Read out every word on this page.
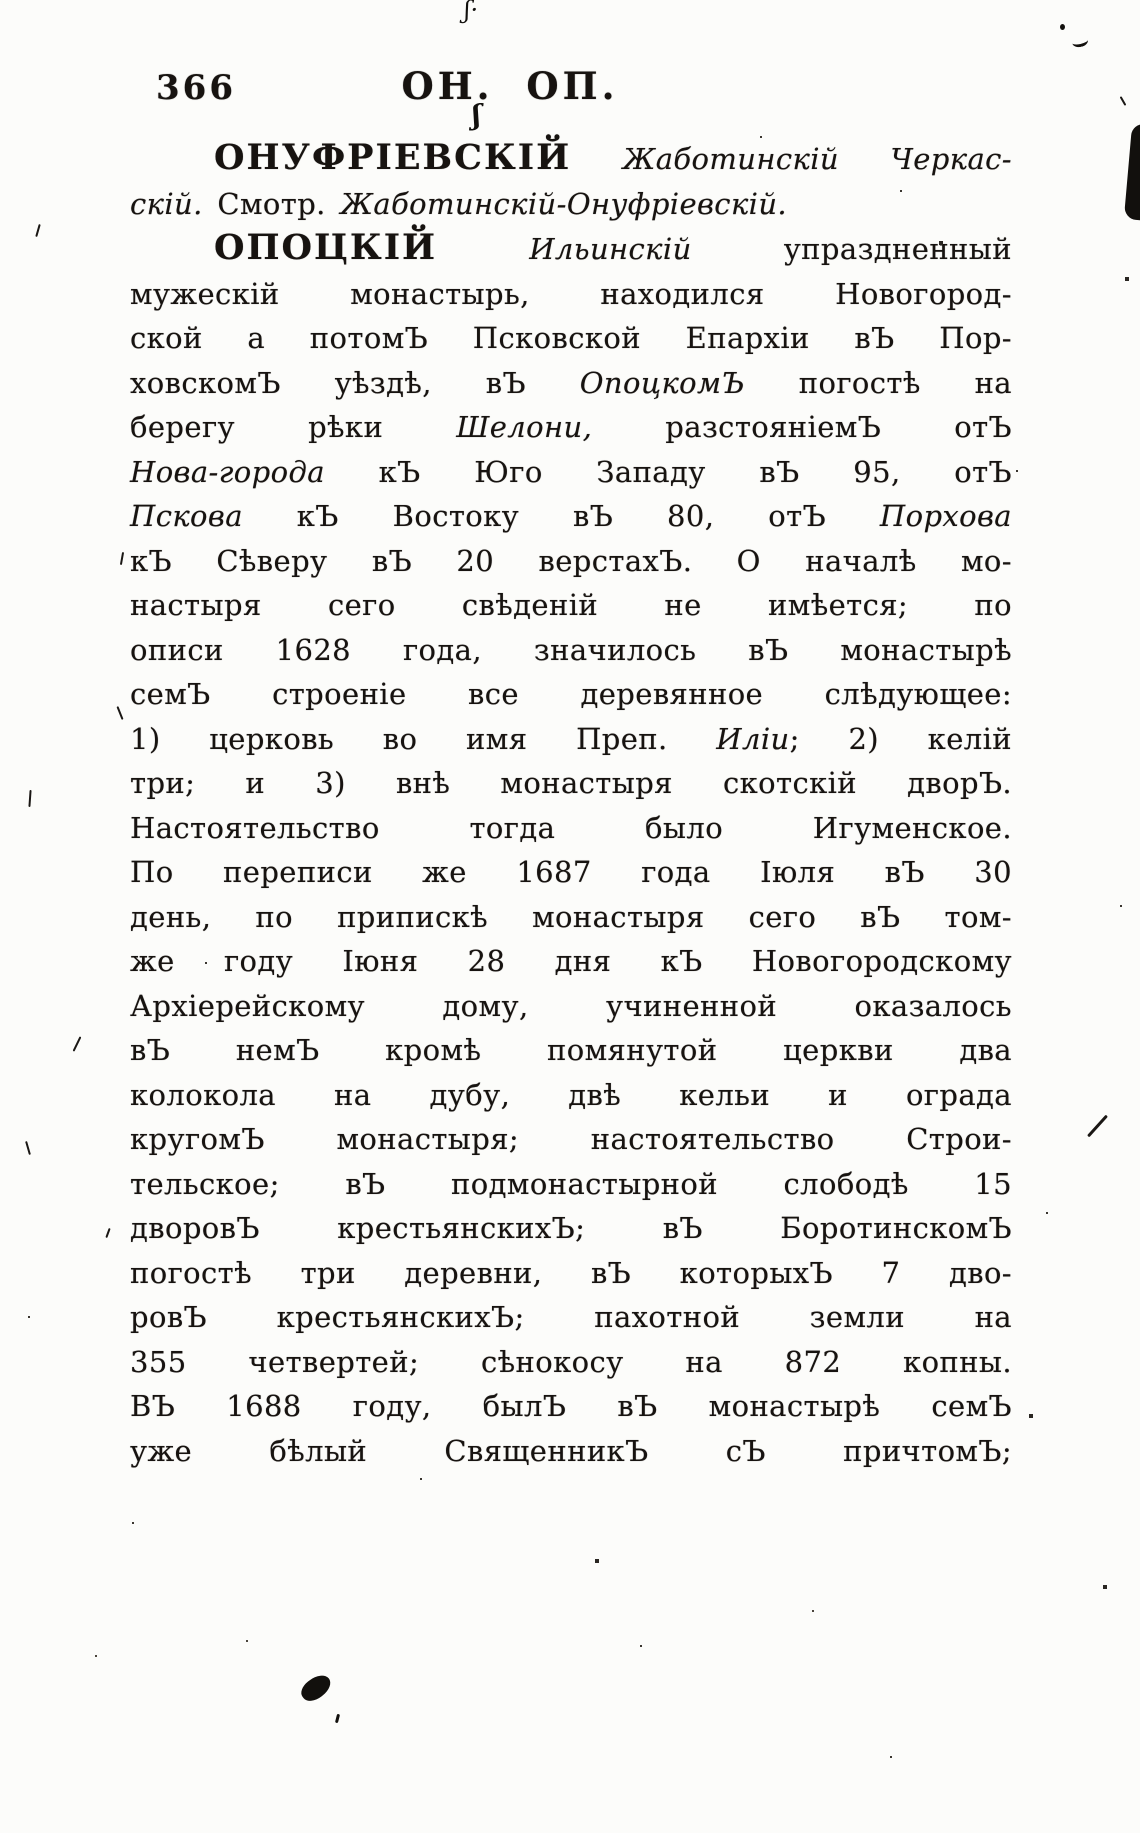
366	ОН. ОП.
ОНУФРІЕВСКІЙ Жаботинскій Черкас-
скій. Смотр. Жаботинскій-Онуфріевскій.
ОПОЦКІЙ Ильинскій упраздненный
мужескій монастырь, находился Новогород-
ской а потомЪ Псковской Епархіи вЪ Пор-
ховскомЪ уѣздѣ, вЪ ОпоцкомЪ погостѣ на
берегу рѣки Шелони, разстояніемЪ отЪ
Нова-города кЪ Юго Западу вЪ 95, отЪ
Пскова кЪ Востоку вЪ 80, отЪ Порхова
кЪ Сѣверу вЪ 20 верстахЪ. О началѣ мо-
настыря сего свѣденій не имѣется; по
описи 1628 года, значилось вЪ монастырѣ
семЪ строеніе все деревянное слѣдующее:
1) церковь во имя Преп. Иліи; 2) келій
три; и 3) внѣ монастыря скотскій дворЪ.
Настоятельство тогда было Игуменское.
По переписи же 1687 года Іюля вЪ 30
день, по припискѣ монастыря сего вЪ том-
же году Іюня 28 дня кЪ Новогородскому
Архіерейскому дому, учиненной оказалось
вЪ немЪ кромѣ помянутой церкви два
колокола на дубу, двѣ кельи и ограда
кругомЪ монастыря; настоятельство Строи-
тельское; вЪ подмонастырной слободѣ 15
дворовЪ крестьянскихЪ; вЪ БоротинскомЪ
погостѣ три деревни, вЪ которыхЪ 7 дво-
ровЪ крестьянскихЪ; пахотной земли на
355 четвертей; сѣнокосу на 872 копны.
ВЪ 1688 году, былЪ вЪ монастырѣ семЪ
уже бѣлый СвященникЪ сЪ причтомЪ;
ʃ·
ʃ
